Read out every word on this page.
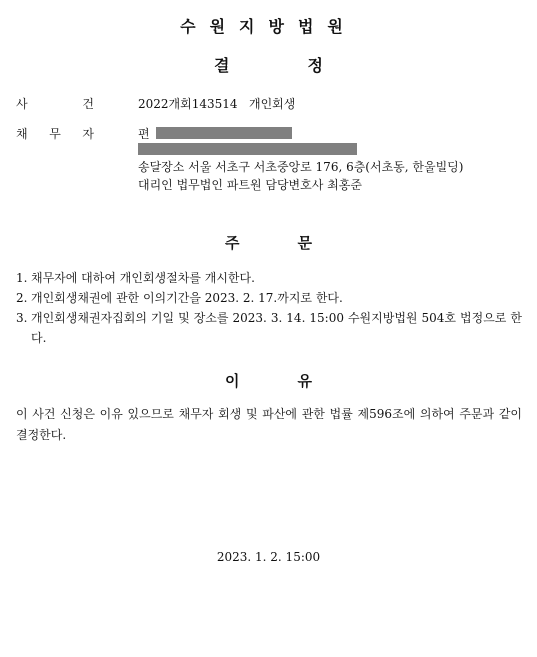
수원지방법원
결	정
사	건	2022개회143514 개인회생
채 무 자	편
송달장소 서울 서초구 서초중앙로 176, 6층(서초동, 한울빌딩)
대리인 법무법인 파트원 담당변호사 최홍준
주	문
1. 채무자에 대하여 개인회생절차를 개시한다.
2. 개인회생채권에 관한 이의기간을 2023. 2. 17.까지로 한다.
3. 개인회생채권자집회의 기일 및 장소를 2023. 3. 14. 15:00 수원지방법원 504호 법정으로 한다.
이	유
이 사건 신청은 이유 있으므로 채무자 회생 및 파산에 관한 법률 제596조에 의하여 주문과 같이 결정한다.
2023. 1. 2. 15:00
